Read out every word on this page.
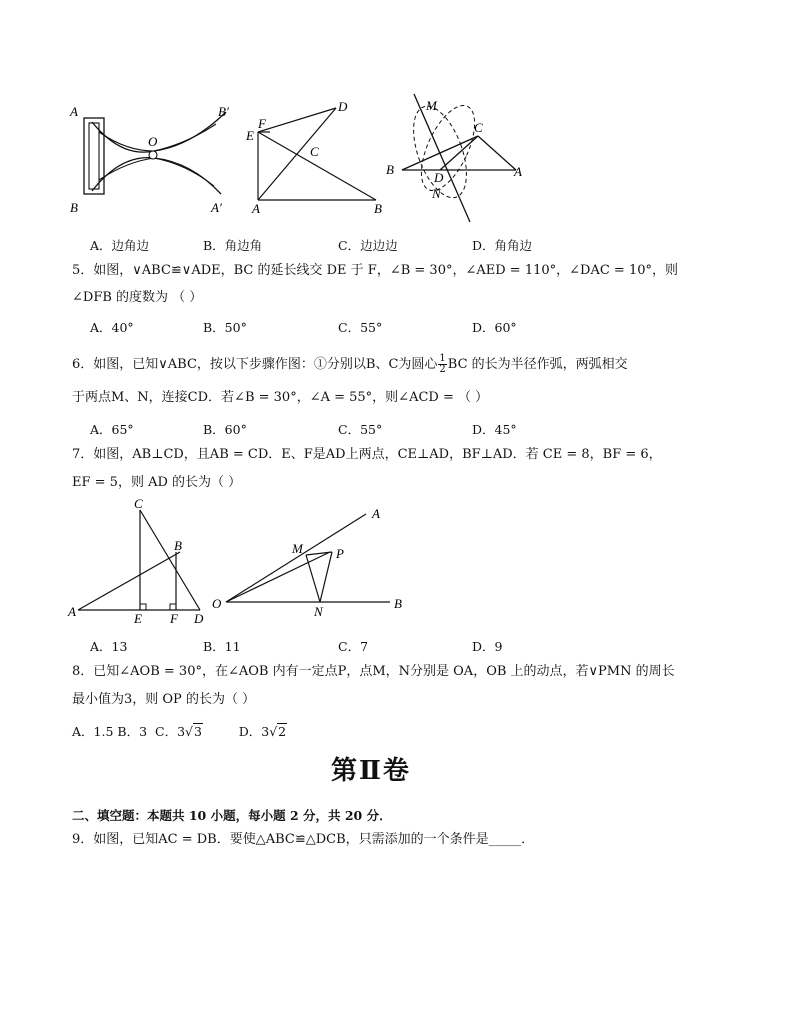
A	B′
O
B	A′
D
F
E
C
A	B
M
C
B	A
D
N
A．边角边	B．角边角	C．边边边	D．角角边
5．如图，∨ABC≌∨ADE，BC 的延长线交 DE 于 F，∠B = 30°，∠AED = 110°，∠DAC = 10°，则
∠DFB 的度数为 （ ）
A．40°	B．50°	C．55°	D．60°
6．如图，已知∨ABC，按以下步骤作图：①分别以B、C为圆心 $\frac{1}{2}$ BC 的长为半径作弧，两弧相交
于两点M、N，连接CD．若∠B = 30°，∠A = 55°，则∠ACD = （ ）
A．65°	B．60°	C．55°	D．45°
7．如图，AB⊥CD，且AB = CD．E、F是AD上两点，CE⊥AD，BF⊥AD．若 CE = 8，BF = 6，
EF = 5，则 AD 的长为（ ）
C
B
A	E F D
A
M	P
O
N
B
A．13	B．11	C．7	D．9
8．已知∠AOB = 30°，在∠AOB 内有一定点P，点M，N分别是 OA，OB 上的动点，若∨PMN 的周长
最小值为3，则 OP 的长为（ ）
A．1.5 B．3 C．3√3	D．3√2
第Ⅱ卷
二、填空题：本题共 10 小题，每小题 2 分，共 20 分．
9．如图，已知AC = DB．要使△ABC≌△DCB，只需添加的一个条件是_____．
